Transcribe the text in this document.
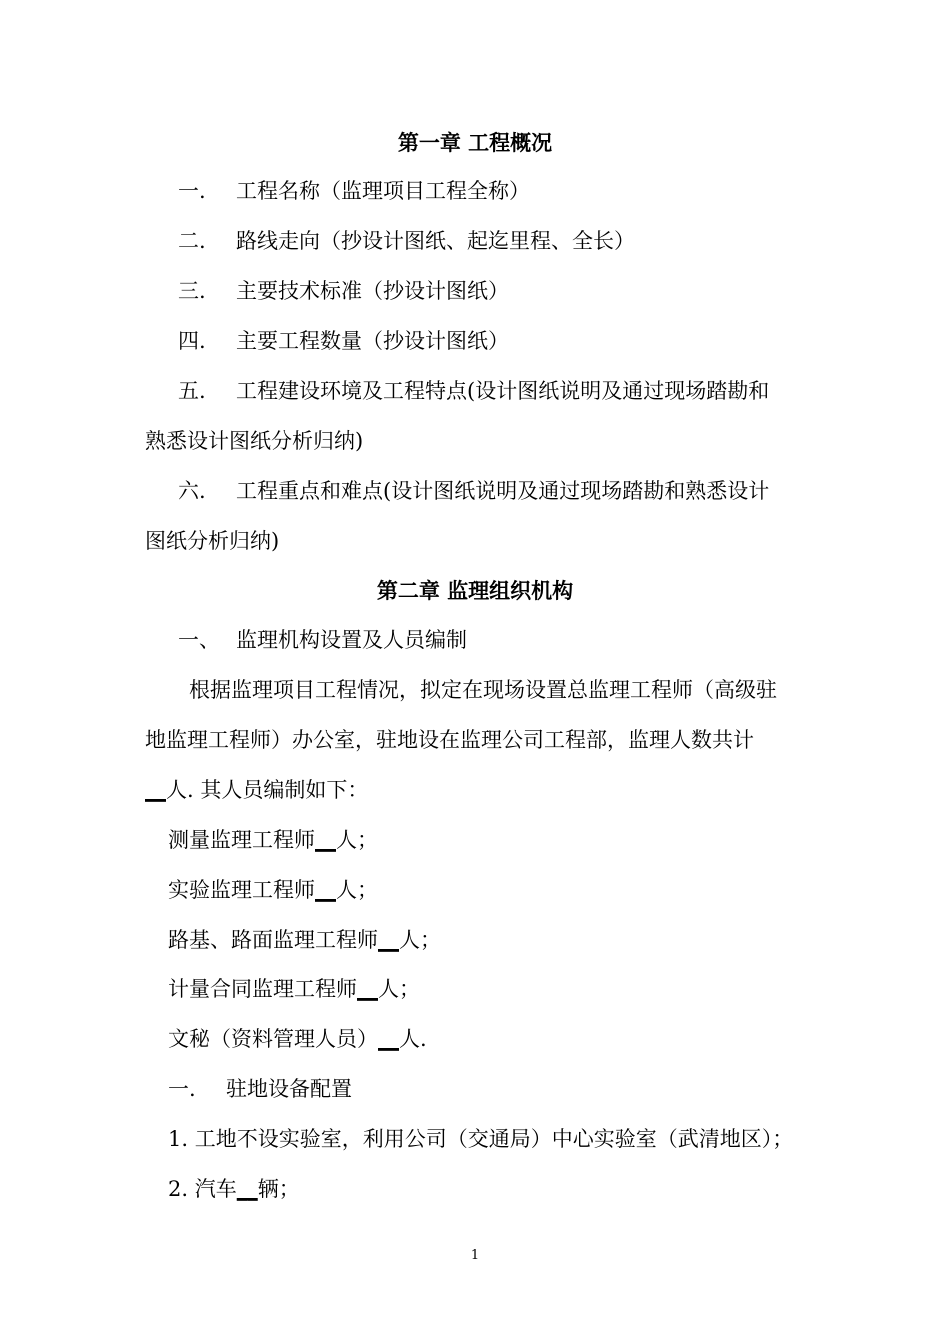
第一章 工程概况
一. 工程名称（监理项目工程全称）
二. 路线走向（抄设计图纸、起迄里程、全长）
三. 主要技术标准（抄设计图纸）
四. 主要工程数量（抄设计图纸）
五. 工程建设环境及工程特点(设计图纸说明及通过现场踏勘和
熟悉设计图纸分析归纳)
六. 工程重点和难点(设计图纸说明及通过现场踏勘和熟悉设计
图纸分析归纳)
第二章 监理组织机构
一、 监理机构设置及人员编制
根据监理项目工程情况，拟定在现场设置总监理工程师（高级驻
地监理工程师）办公室，驻地设在监理公司工程部，监理人数共计
__人. 其人员编制如下：
测量监理工程师__人；
实验监理工程师__人；
路基、路面监理工程师__人；
计量合同监理工程师__人；
文秘（资料管理人员）__人.
一. 驻地设备配置
1. 工地不设实验室，利用公司（交通局）中心实验室（武清地区）；
2. 汽车__辆；
1
